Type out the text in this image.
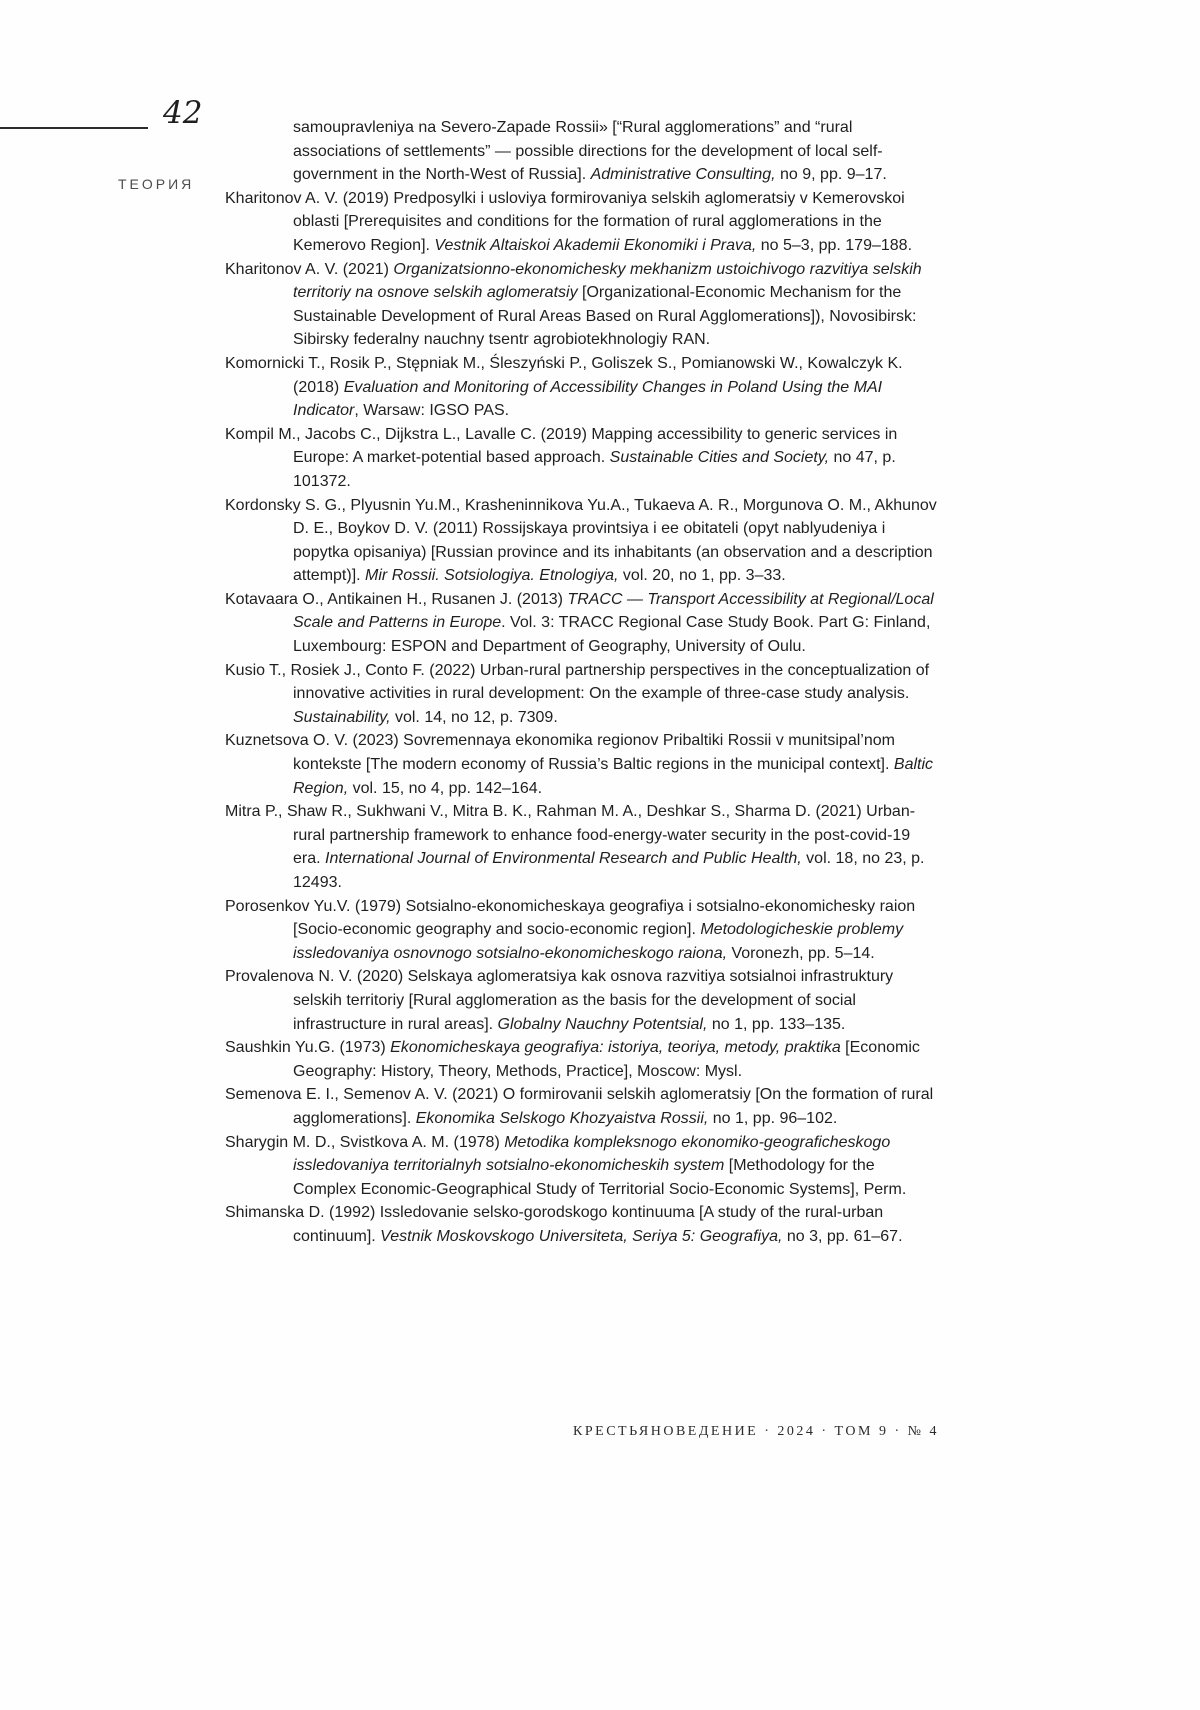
42
ТЕОРИЯ
samoupravleniya na Severo-Zapade Rossii» [“Rural agglomerations” and “rural associations of settlements” — possible directions for the development of local self-government in the North-West of Russia]. Administrative Consulting, no 9, pp. 9–17.
Kharitonov A. V. (2019) Predposylki i usloviya formirovaniya selskih aglomeratsiy v Kemerovskoi oblasti [Prerequisites and conditions for the formation of rural agglomerations in the Kemerovo Region]. Vestnik Altaiskoi Akademii Ekonomiki i Prava, no 5–3, pp. 179–188.
Kharitonov A. V. (2021) Organizatsionno-ekonomichesky mekhanizm ustoichivogo razvitiya selskih territoriy na osnove selskih aglomeratsiy [Organizational-Economic Mechanism for the Sustainable Development of Rural Areas Based on Rural Agglomerations]), Novosibirsk: Sibirsky federalny nauchny tsentr agrobiotekhnologiy RAN.
Komornicki T., Rosik P., Stępniak M., Śleszyński P., Goliszek S., Pomianowski W., Kowalczyk K. (2018) Evaluation and Monitoring of Accessibility Changes in Poland Using the MAI Indicator, Warsaw: IGSO PAS.
Kompil M., Jacobs C., Dijkstra L., Lavalle C. (2019) Mapping accessibility to generic services in Europe: A market-potential based approach. Sustainable Cities and Society, no 47, p. 101372.
Kordonsky S. G., Plyusnin Yu.M., Krasheninnikova Yu.A., Tukaeva A. R., Morgunova O. M., Akhunov D. E., Boykov D. V. (2011) Rossijskaya provintsiya i ee obitateli (opyt nablyudeniya i popytka opisaniya) [Russian province and its inhabitants (an observation and a description attempt)]. Mir Rossii. Sotsiologiya. Etnologiya, vol. 20, no 1, pp. 3–33.
Kotavaara O., Antikainen H., Rusanen J. (2013) TRACC — Transport Accessibility at Regional/Local Scale and Patterns in Europe. Vol. 3: TRACC Regional Case Study Book. Part G: Finland, Luxembourg: ESPON and Department of Geography, University of Oulu.
Kusio T., Rosiek J., Conto F. (2022) Urban-rural partnership perspectives in the conceptualization of innovative activities in rural development: On the example of three-case study analysis. Sustainability, vol. 14, no 12, p. 7309.
Kuznetsova O. V. (2023) Sovremennaya ekonomika regionov Pribaltiki Rossii v munitsipal’nom kontekste [The modern economy of Russia’s Baltic regions in the municipal context]. Baltic Region, vol. 15, no 4, pp. 142–164.
Mitra P., Shaw R., Sukhwani V., Mitra B. K., Rahman M. A., Deshkar S., Sharma D. (2021) Urban-rural partnership framework to enhance food-energy-water security in the post-covid-19 era. International Journal of Environmental Research and Public Health, vol. 18, no 23, p. 12493.
Porosenkov Yu.V. (1979) Sotsialno-ekonomicheskaya geografiya i sotsialno-ekonomichesky raion [Socio-economic geography and socio-economic region]. Metodologicheskie problemy issledovaniya osnovnogo sotsialno-ekonomicheskogo raiona, Voronezh, pp. 5–14.
Provalenova N. V. (2020) Selskaya aglomeratsiya kak osnova razvitiya sotsialnoi infrastruktury selskih territoriy [Rural agglomeration as the basis for the development of social infrastructure in rural areas]. Globalny Nauchny Potentsial, no 1, pp. 133–135.
Saushkin Yu.G. (1973) Ekonomicheskaya geografiya: istoriya, teoriya, metody, praktika [Economic Geography: History, Theory, Methods, Practice], Moscow: Mysl.
Semenova E. I., Semenov A. V. (2021) O formirovanii selskih aglomeratsiy [On the formation of rural agglomerations]. Ekonomika Selskogo Khozyaistva Rossii, no 1, pp. 96–102.
Sharygin M. D., Svistkova A. M. (1978) Metodika kompleksnogo ekonomiko-geograficheskogo issledovaniya territorialnyh sotsialno-ekonomicheskih system [Methodology for the Complex Economic-Geographical Study of Territorial Socio-Economic Systems], Perm.
Shimanska D. (1992) Issledovanie selsko-gorodskogo kontinuuma [A study of the rural-urban continuum]. Vestnik Moskovskogo Universiteta, Seriya 5: Geografiya, no 3, pp. 61–67.
КРЕСТЬЯНОВЕДЕНИЕ · 2024 · ТОМ 9 · № 4
